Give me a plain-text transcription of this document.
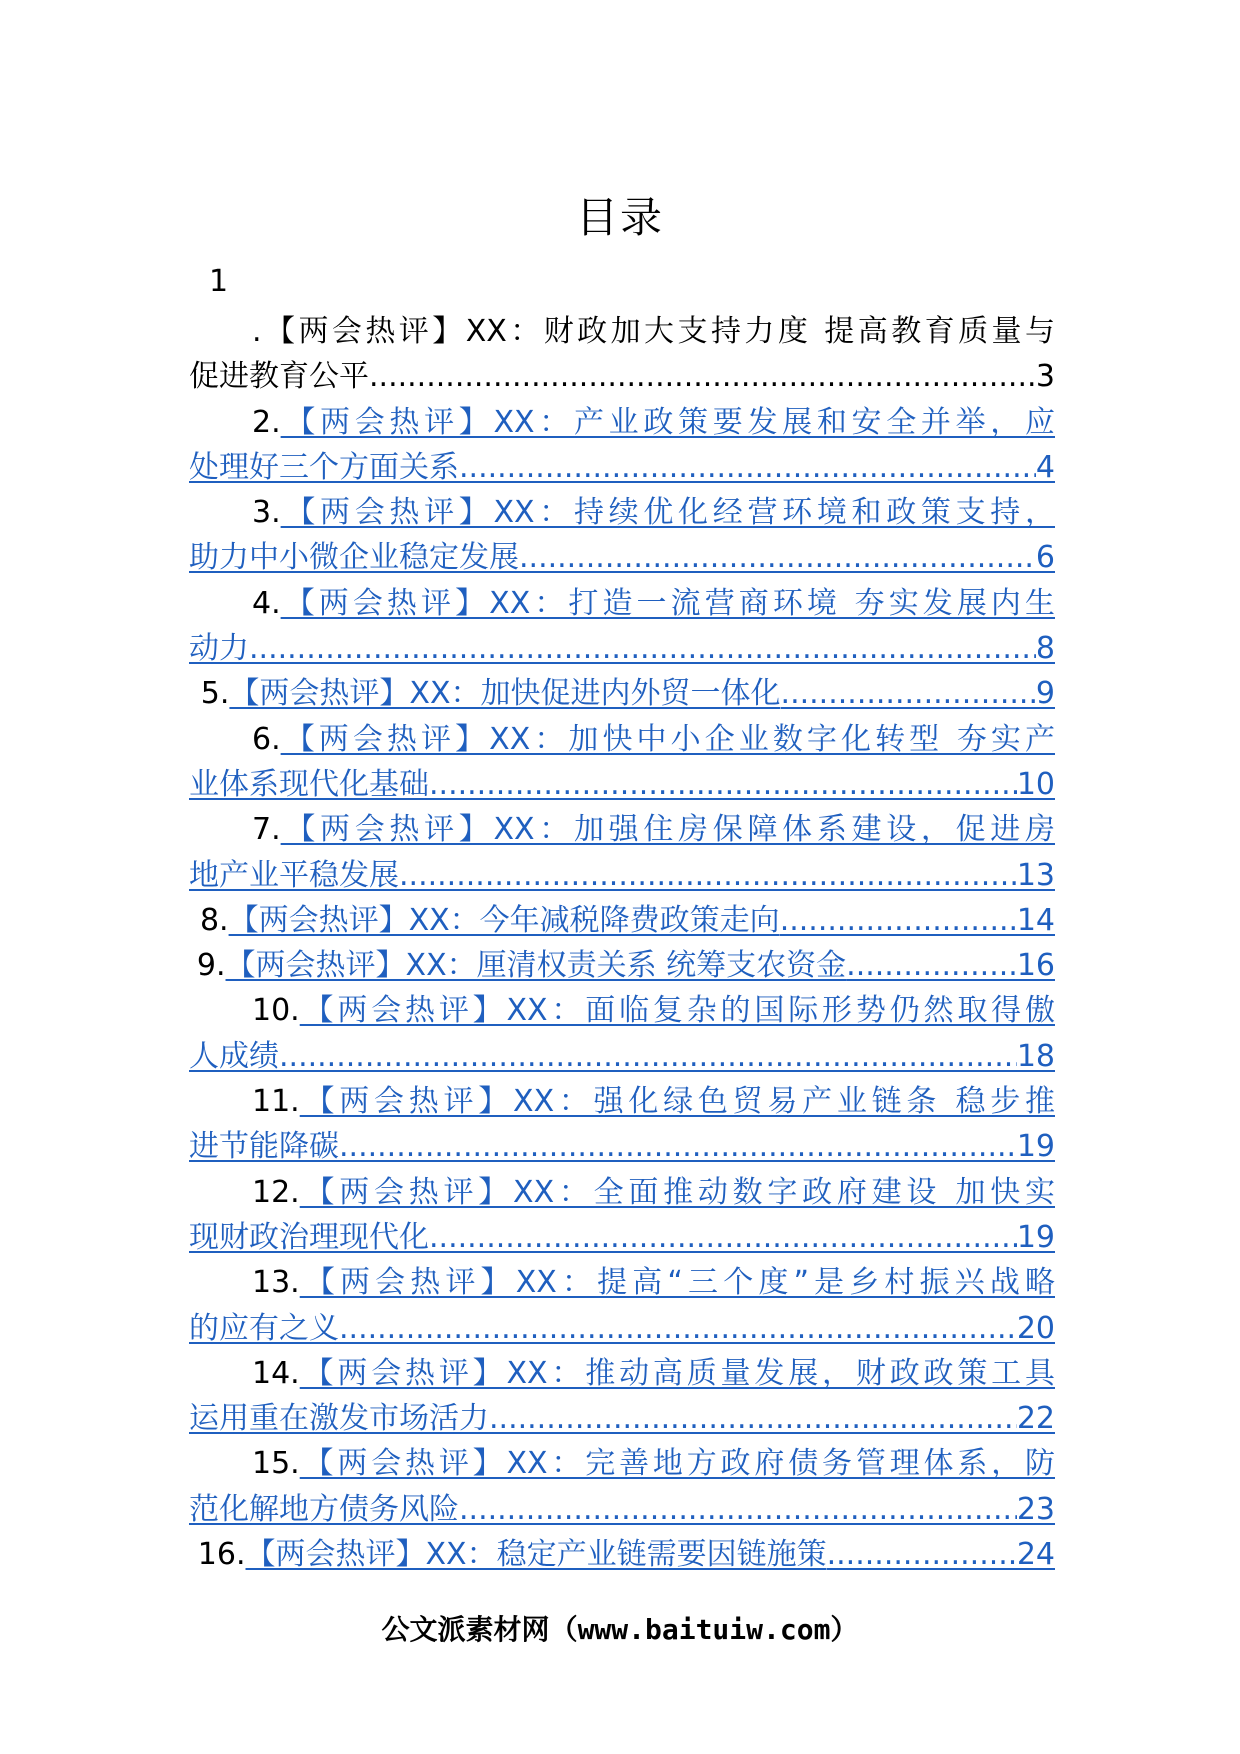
目录
1
.【两会热评】XX：财政加大支持力度 提高教育质量与
促进教育公平 .....	3
2.【两会热评】XX：产业政策要发展和安全并举，应
处理好三个方面关系 .....	4
3.【两会热评】XX：持续优化经营环境和政策支持，
助力中小微企业稳定发展 .....	6
4.【两会热评】XX：打造一流营商环境 夯实发展内生
动力 .....	8
5. 【两会热评】XX：加快促进内外贸一体化 .....	9
6.【两会热评】XX：加快中小企业数字化转型 夯实产
业体系现代化基础 .....	10
7.【两会热评】XX：加强住房保障体系建设，促进房
地产业平稳发展 .....	13
8. 【两会热评】XX：今年减税降费政策走向 .....	14
9. 【两会热评】XX：厘清权责关系 统筹支农资金 .....	16
10.【两会热评】XX：面临复杂的国际形势仍然取得傲
人成绩 .....	18
11.【两会热评】XX：强化绿色贸易产业链条 稳步推
进节能降碳 .....	19
12.【两会热评】XX：全面推动数字政府建设 加快实
现财政治理现代化 .....	19
13.【两会热评】XX：提高“三个度”是乡村振兴战略
的应有之义 .....	20
14.【两会热评】XX：推动高质量发展，财政政策工具
运用重在激发市场活力 .....	22
15.【两会热评】XX：完善地方政府债务管理体系，防
范化解地方债务风险 .....	23
16. 【两会热评】XX：稳定产业链需要因链施策 .....	24
公文派素材网（www.baituiw.com）
